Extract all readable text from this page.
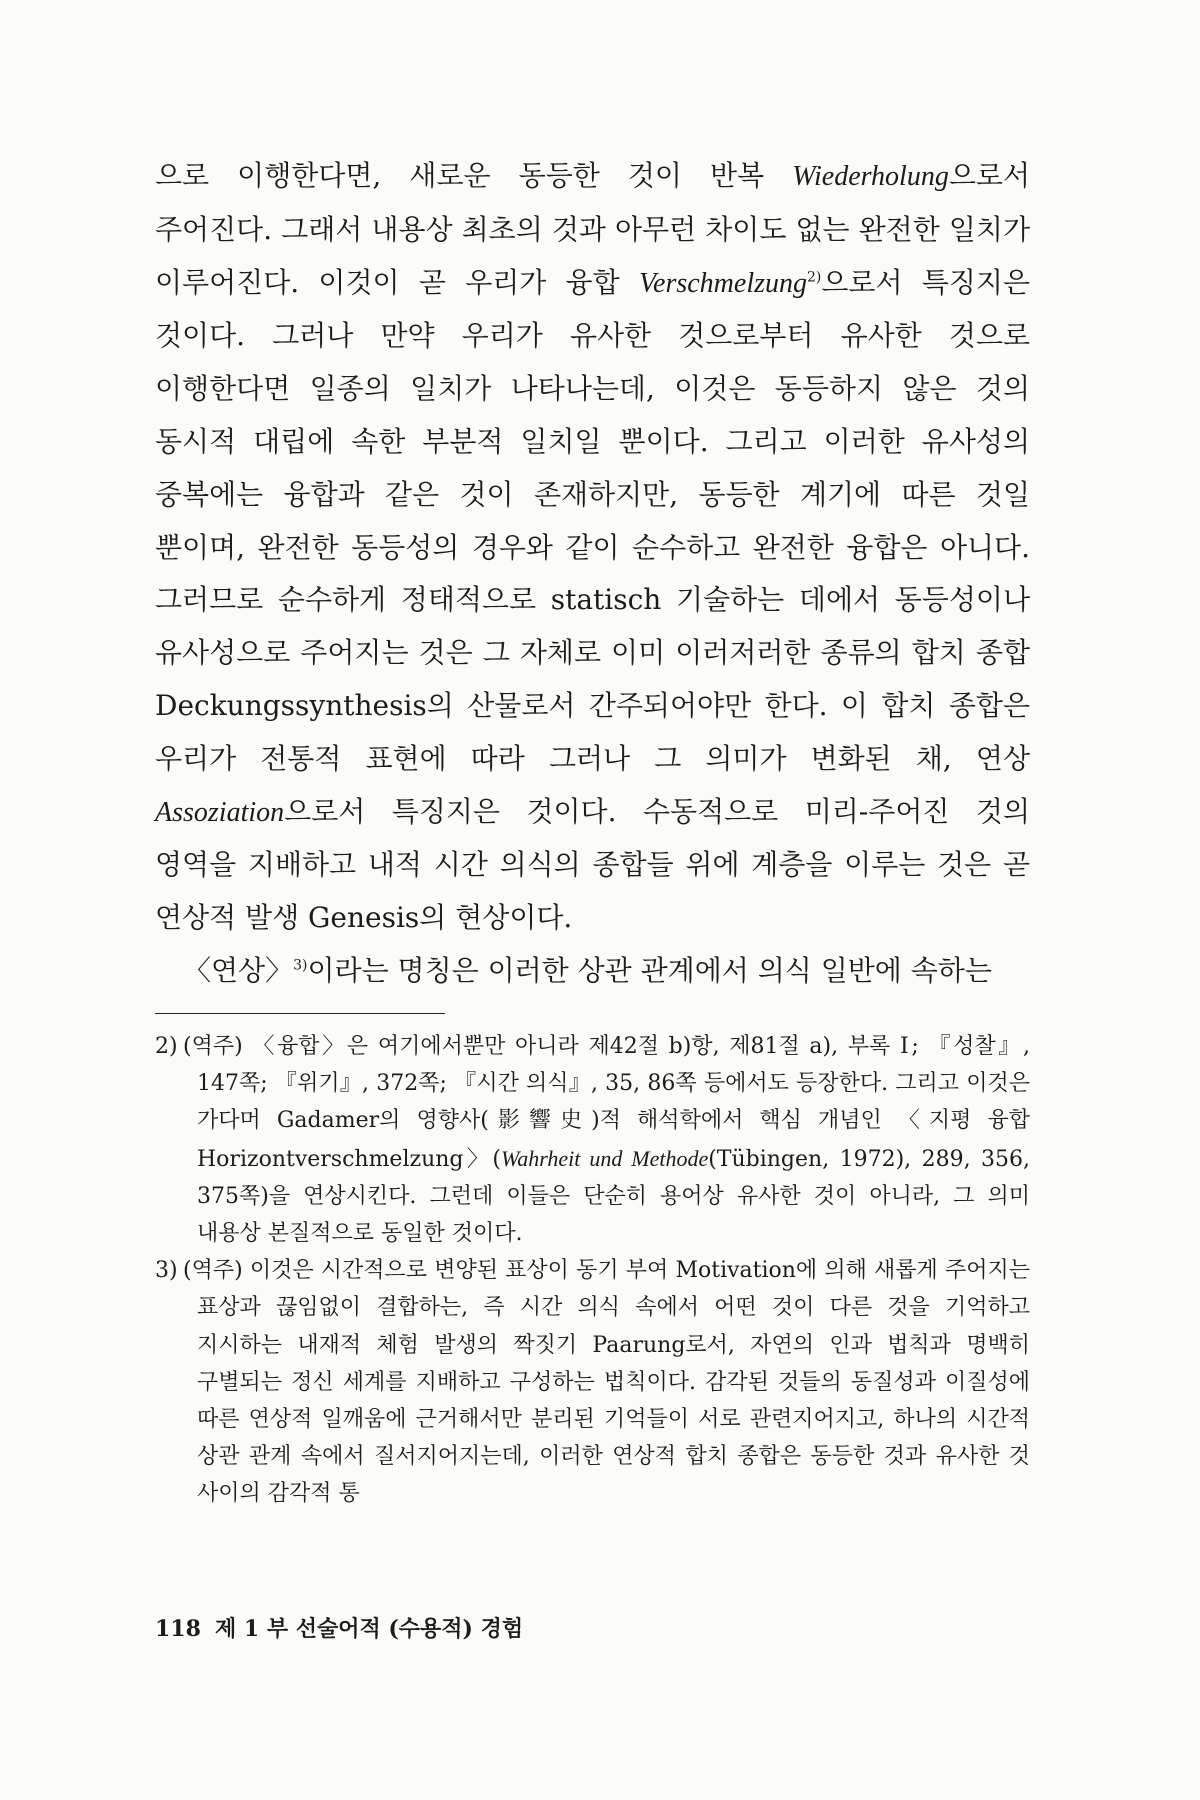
으로 이행한다면, 새로운 동등한 것이 반복 Wiederholung으로서 주어진다. 그래서 내용상 최초의 것과 아무런 차이도 없는 완전한 일치가 이루어진다. 이것이 곧 우리가 융합 Verschmelzung$^{2)}$으로서 특징지은 것이다. 그러나 만약 우리가 유사한 것으로부터 유사한 것으로 이행한다면 일종의 일치가 나타나는데, 이것은 동등하지 않은 것의 동시적 대립에 속한 부분적 일치일 뿐이다. 그리고 이러한 유사성의 중복에는 융합과 같은 것이 존재하지만, 동등한 계기에 따른 것일 뿐이며, 완전한 동등성의 경우와 같이 순수하고 완전한 융합은 아니다. 그러므로 순수하게 정태적으로 statisch 기술하는 데에서 동등성이나 유사성으로 주어지는 것은 그 자체로 이미 이러저러한 종류의 합치 종합 Deckungssynthesis의 산물로서 간주되어야만 한다. 이 합치 종합은 우리가 전통적 표현에 따라 그러나 그 의미가 변화된 채, 연상 Assoziation으로서 특징지은 것이다. 수동적으로 미리-주어진 것의 영역을 지배하고 내적 시간 의식의 종합들 위에 계층을 이루는 것은 곧 연상적 발생 Genesis의 현상이다.

〈연상〉$^{3)}$이라는 명칭은 이러한 상관 관계에서 의식 일반에 속하는

2) (역주) 〈융합〉은 여기에서뿐만 아니라 제42절 b)항, 제81절 a), 부록 Ⅰ; 『성찰』, 147쪽; 『위기』, 372쪽; 『시간 의식』, 35, 86쪽 등에서도 등장한다. 그리고 이것은 가다머 Gadamer의 영향사(影響史)적 해석학에서 핵심 개념인 〈지평 융합 Horizontverschmelzung〉(Wahrheit und Methode(Tübingen, 1972), 289, 356, 375쪽)을 연상시킨다. 그런데 이들은 단순히 용어상 유사한 것이 아니라, 그 의미 내용상 본질적으로 동일한 것이다.

3) (역주) 이것은 시간적으로 변양된 표상이 동기 부여 Motivation에 의해 새롭게 주어지는 표상과 끊임없이 결합하는, 즉 시간 의식 속에서 어떤 것이 다른 것을 기억하고 지시하는 내재적 체험 발생의 짝짓기 Paarung로서, 자연의 인과 법칙과 명백히 구별되는 정신 세계를 지배하고 구성하는 법칙이다. 감각된 것들의 동질성과 이질성에 따른 연상적 일깨움에 근거해서만 분리된 기억들이 서로 관련지어지고, 하나의 시간적 상관 관계 속에서 질서지어지는데, 이러한 연상적 합치 종합은 동등한 것과 유사한 것 사이의 감각적 통

118 제 1 부 선술어적 (수용적) 경험
